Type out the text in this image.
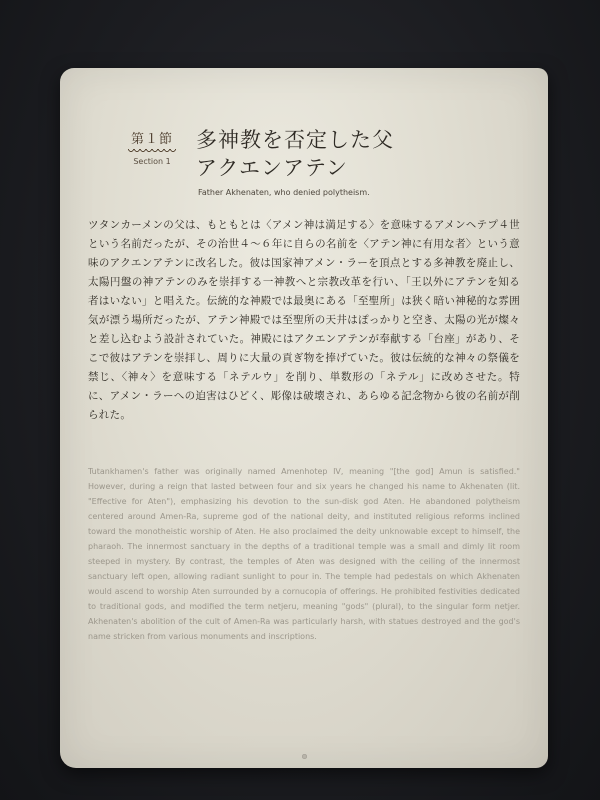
第１節
Section 1
多神教を否定した父
アクエンアテン
Father Akhenaten, who denied polytheism.
ツタンカーメンの父は、もともとは〈アメン神は満足する〉を意味するアメンヘテプ４世という名前だったが、その治世４〜６年に自らの名前を〈アテン神に有用な者〉という意味のアクエンアテンに改名した。彼は国家神アメン・ラーを頂点とする多神教を廃止し、太陽円盤の神アテンのみを崇拝する一神教へと宗教改革を行い、「王以外にアテンを知る者はいない」と唱えた。伝統的な神殿では最奥にある「至聖所」は狭く暗い神秘的な雰囲気が漂う場所だったが、アテン神殿では至聖所の天井はぽっかりと空き、太陽の光が燦々と差し込むよう設計されていた。神殿にはアクエンアテンが奉献する「台座」があり、そこで彼はアテンを崇拝し、周りに大量の貢ぎ物を捧げていた。彼は伝統的な神々の祭儀を禁じ、〈神々〉を意味する「ネテルウ」を削り、単数形の「ネテル」に改めさせた。特に、アメン・ラーへの迫害はひどく、彫像は破壊され、あらゆる記念物から彼の名前が削られた。
Tutankhamen's father was originally named Amenhotep IV, meaning "[the god] Amun is satisfied." However, during a reign that lasted between four and six years he changed his name to Akhenaten (lit. "Effective for Aten"), emphasizing his devotion to the sun-disk god Aten. He abandoned polytheism centered around Amen-Ra, supreme god of the national deity, and instituted religious reforms inclined toward the monotheistic worship of Aten. He also proclaimed the deity unknowable except to himself, the pharaoh. The innermost sanctuary in the depths of a traditional temple was a small and dimly lit room steeped in mystery. By contrast, the temples of Aten was designed with the ceiling of the innermost sanctuary left open, allowing radiant sunlight to pour in. The temple had pedestals on which Akhenaten would ascend to worship Aten surrounded by a cornucopia of offerings. He prohibited festivities dedicated to traditional gods, and modified the term netjeru, meaning "gods" (plural), to the singular form netjer. Akhenaten's abolition of the cult of Amen-Ra was particularly harsh, with statues destroyed and the god's name stricken from various monuments and inscriptions.
